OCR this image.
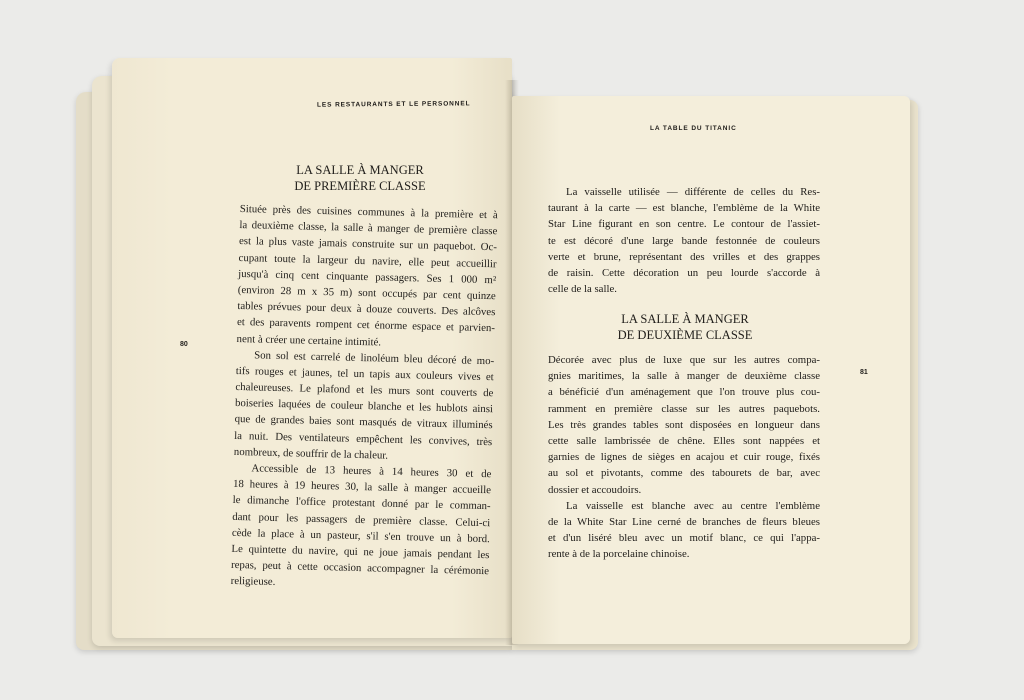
LES RESTAURANTS ET LE PERSONNEL
LA SALLE À MANGER
DE PREMIÈRE CLASSE
80
Située près des cuisines communes à la première et à
la deuxième classe, la salle à manger de première classe
est la plus vaste jamais construite sur un paquebot. Oc-
cupant toute la largeur du navire, elle peut accueillir
jusqu'à cinq cent cinquante passagers. Ses 1 000 m²
(environ 28 m x 35 m) sont occupés par cent quinze
tables prévues pour deux à douze couverts. Des alcôves
et des paravents rompent cet énorme espace et parvien-
nent à créer une certaine intimité.
Son sol est carrelé de linoléum bleu décoré de mo-
tifs rouges et jaunes, tel un tapis aux couleurs vives et
chaleureuses. Le plafond et les murs sont couverts de
boiseries laquées de couleur blanche et les hublots ainsi
que de grandes baies sont masqués de vitraux illuminés
la nuit. Des ventilateurs empêchent les convives, très
nombreux, de souffrir de la chaleur.
Accessible de 13 heures à 14 heures 30 et de
18 heures à 19 heures 30, la salle à manger accueille
le dimanche l'office protestant donné par le comman-
dant pour les passagers de première classe. Celui-ci
cède la place à un pasteur, s'il s'en trouve un à bord.
Le quintette du navire, qui ne joue jamais pendant les
repas, peut à cette occasion accompagner la cérémonie
religieuse.
LA TABLE DU TITANIC
La vaisselle utilisée — différente de celles du Res-
taurant à la carte — est blanche, l'emblème de la White
Star Line figurant en son centre. Le contour de l'assiet-
te est décoré d'une large bande festonnée de couleurs
verte et brune, représentant des vrilles et des grappes
de raisin. Cette décoration un peu lourde s'accorde à
celle de la salle.
LA SALLE À MANGER
DE DEUXIÈME CLASSE
Décorée avec plus de luxe que sur les autres compa-
gnies maritimes, la salle à manger de deuxième classe
a bénéficié d'un aménagement que l'on trouve plus cou-
ramment en première classe sur les autres paquebots.
Les très grandes tables sont disposées en longueur dans
cette salle lambrissée de chêne. Elles sont nappées et
garnies de lignes de sièges en acajou et cuir rouge, fixés
au sol et pivotants, comme des tabourets de bar, avec
dossier et accoudoirs.
La vaisselle est blanche avec au centre l'emblème
de la White Star Line cerné de branches de fleurs bleues
et d'un liséré bleu avec un motif blanc, ce qui l'appa-
rente à de la porcelaine chinoise.
81
